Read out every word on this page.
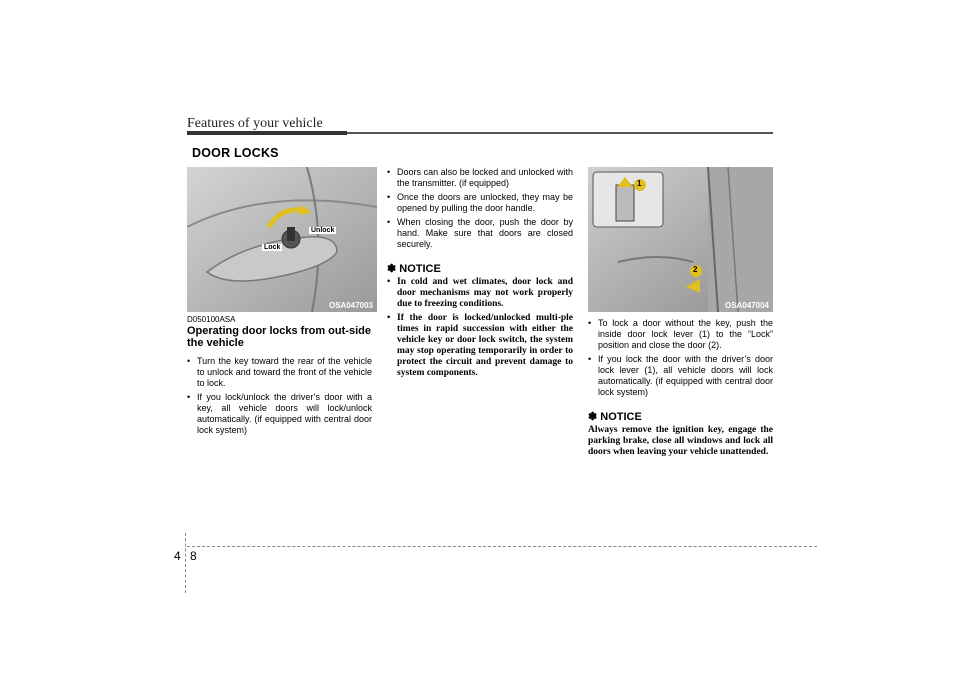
Features of your vehicle
DOOR LOCKS
Lock
Unlock
OSA047003
D050100ASA
Operating door locks from out-side the vehicle
• Turn the key toward the rear of the vehicle to unlock and toward the front of the vehicle to lock.
• If you lock/unlock the driver’s door with a key, all vehicle doors will lock/unlock automatically. (if equipped with central door lock system)
• Doors can also be locked and unlocked with the transmitter. (if equipped)
• Once the doors are unlocked, they may be opened by pulling the door handle.
• When closing the door, push the door by hand. Make sure that doors are closed securely.
✽ NOTICE
• In cold and wet climates, door lock and door mechanisms may not work properly due to freezing conditions.
• If the door is locked/unlocked multi-ple times in rapid succession with either the vehicle key or door lock switch, the system may stop operating temporarily in order to protect the circuit and prevent damage to system components.
1
2
OSA047004
• To lock a door without the key, push the inside door lock lever (1) to the “Lock” position and close the door (2).
• If you lock the door with the driver’s door lock lever (1), all vehicle doors will lock automatically. (if equipped with central door lock system)
✽ NOTICE
Always remove the ignition key, engage the parking brake, close all windows and lock all doors when leaving your vehicle unattended.
4 8
